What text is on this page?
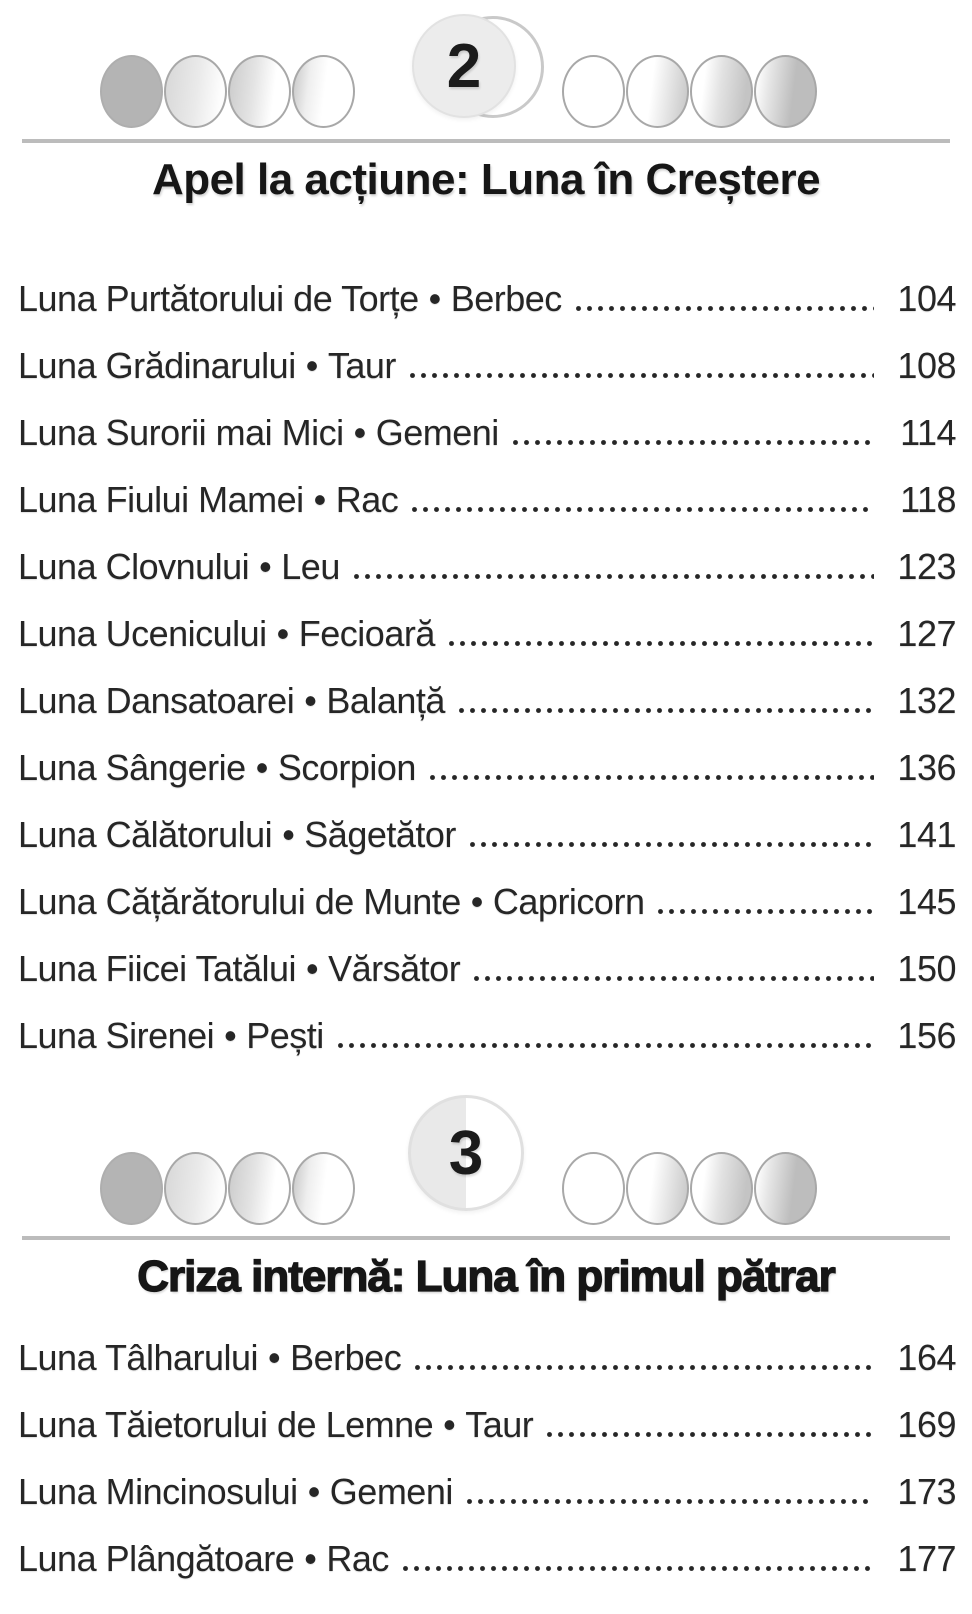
2
Apel la acțiune: Luna în Creștere
Luna Purtătorului de Torțe • Berbec	104
Luna Grădinarului • Taur	108
Luna Surorii mai Mici • Gemeni	114
Luna Fiului Mamei • Rac	118
Luna Clovnului • Leu	123
Luna Ucenicului • Fecioară	127
Luna Dansatoarei • Balanță	132
Luna Sângerie • Scorpion	136
Luna Călătorului • Săgetător	141
Luna Cățărătorului de Munte • Capricorn	145
Luna Fiicei Tatălui • Vărsător	150
Luna Sirenei • Pești	156
3
Criza internă: Luna în primul pătrar
Luna Tâlharului • Berbec	164
Luna Tăietorului de Lemne • Taur	169
Luna Mincinosului • Gemeni	173
Luna Plângătoare • Rac	177
